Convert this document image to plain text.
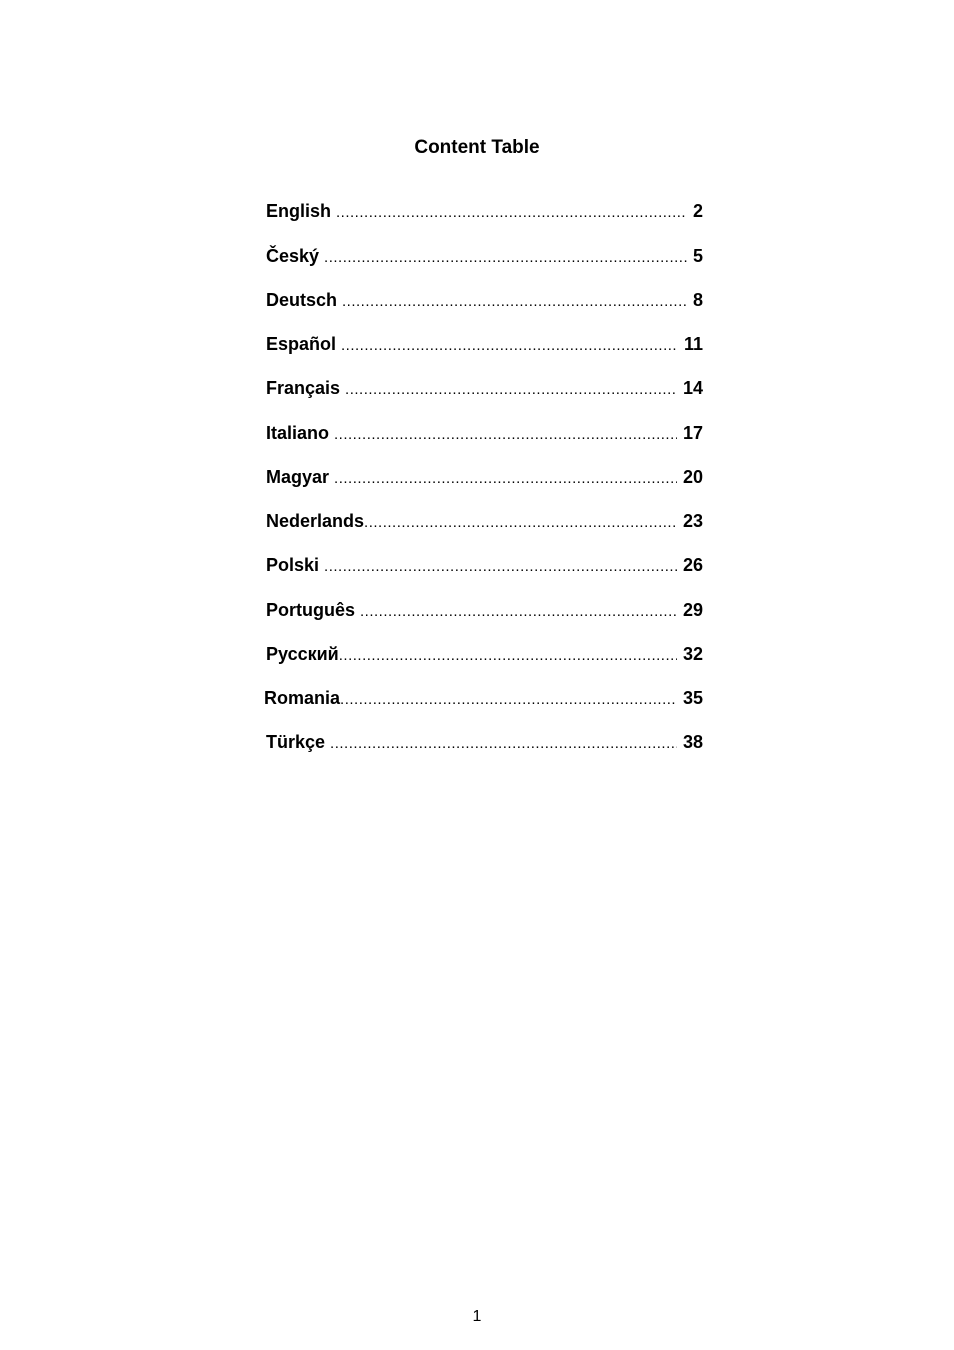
Content Table
English .....	2
Český .....	5
Deutsch .....	8
Español .....	11
Français .....	14
Italiano .....	17
Magyar .....	20
Nederlands .....	23
Polski .....	26
Português .....	29
Русский .....	32
Romania .....	35
Türkçe .....	38
1
